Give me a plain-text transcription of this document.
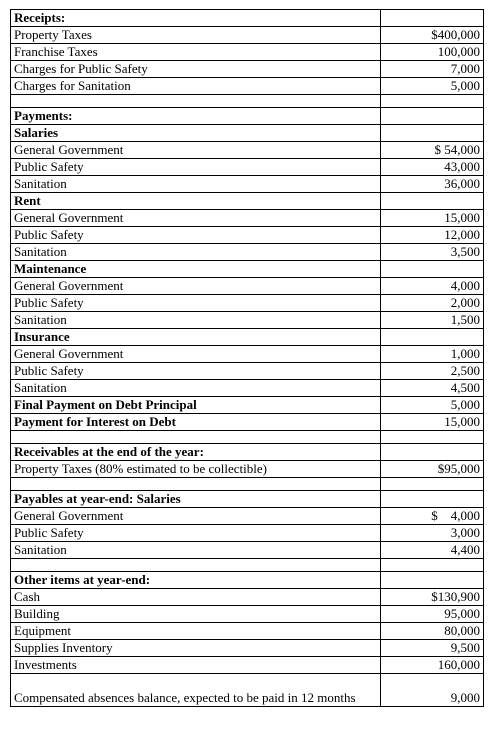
Receipts:	
Property Taxes	$400,000
Franchise Taxes	100,000
Charges for Public Safety	7,000
Charges for Sanitation	5,000

Payments:	
Salaries	
General Government	$ 54,000
Public Safety	43,000
Sanitation	36,000
Rent	
General Government	15,000
Public Safety	12,000
Sanitation	3,500
Maintenance	
General Government	4,000
Public Safety	2,000
Sanitation	1,500
Insurance	
General Government	1,000
Public Safety	2,500
Sanitation	4,500
Final Payment on Debt Principal	5,000
Payment for Interest on Debt	15,000

Receivables at the end of the year:	
Property Taxes (80% estimated to be collectible)	$95,000

Payables at year-end: Salaries	
General Government	$    4,000
Public Safety	3,000
Sanitation	4,400

Other items at year-end:	
Cash	$130,900
Building	95,000
Equipment	80,000
Supplies Inventory	9,500
Investments	160,000
Compensated absences balance, expected to be paid in 12 months	9,000
